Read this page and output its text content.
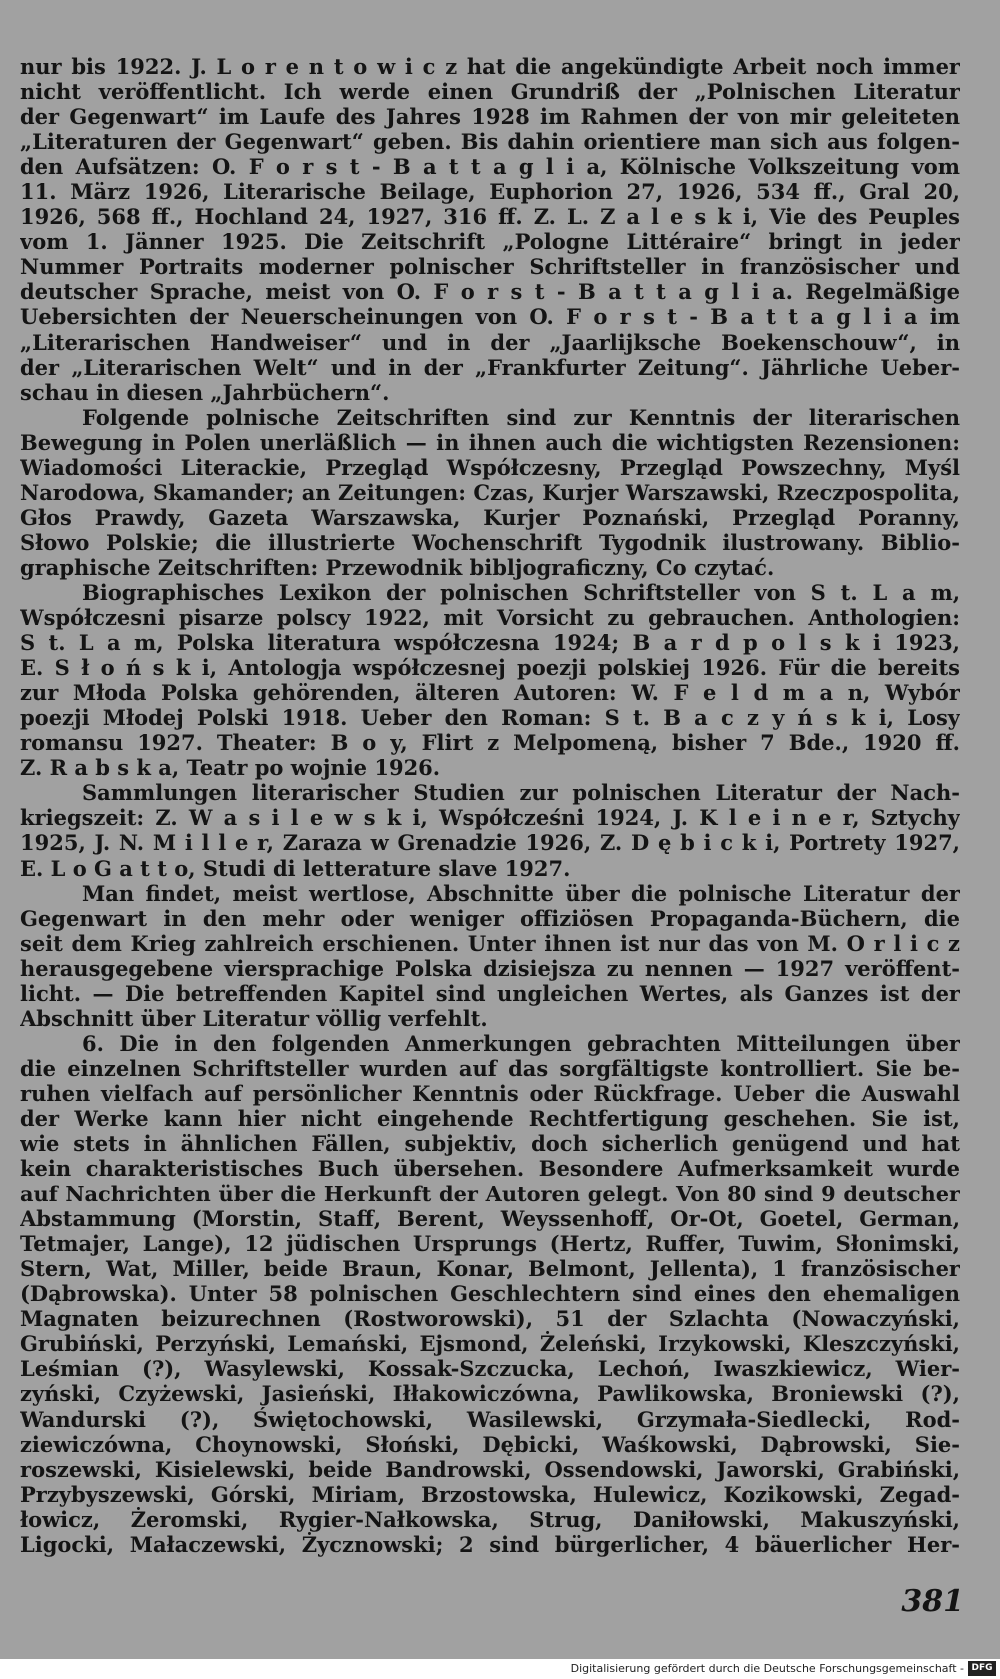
nur bis 1922. J. L o r e n t o w i c z hat die angekündigte Arbeit noch immer
nicht veröffentlicht. Ich werde einen Grundriß der „Polnischen Literatur
der Gegenwart“ im Laufe des Jahres 1928 im Rahmen der von mir geleiteten
„Literaturen der Gegenwart“ geben. Bis dahin orientiere man sich aus folgen-
den Aufsätzen: O. F o r s t - B a t t a g l i a, Kölnische Volkszeitung vom
11. März 1926, Literarische Beilage, Euphorion 27, 1926, 534 ff., Gral 20,
1926, 568 ff., Hochland 24, 1927, 316 ff. Z. L. Z a l e s k i, Vie des Peuples
vom 1. Jänner 1925. Die Zeitschrift „Pologne Littéraire“ bringt in jeder
Nummer Portraits moderner polnischer Schriftsteller in französischer und
deutscher Sprache, meist von O. F o r s t - B a t t a g l i a. Regelmäßige
Uebersichten der Neuerscheinungen von O. F o r s t - B a t t a g l i a im
„Literarischen Handweiser“ und in der „Jaarlijksche Boekenschouw“, in
der „Literarischen Welt“ und in der „Frankfurter Zeitung“. Jährliche Ueber-
schau in diesen „Jahrbüchern“.
Folgende polnische Zeitschriften sind zur Kenntnis der literarischen
Bewegung in Polen unerläßlich — in ihnen auch die wichtigsten Rezensionen:
Wiadomości Literackie, Przegląd Współczesny, Przegląd Powszechny, Myśl
Narodowa, Skamander; an Zeitungen: Czas, Kurjer Warszawski, Rzeczpospolita,
Głos Prawdy, Gazeta Warszawska, Kurjer Poznański, Przegląd Poranny,
Słowo Polskie; die illustrierte Wochenschrift Tygodnik ilustrowany. Biblio-
graphische Zeitschriften: Przewodnik bibljograficzny, Co czytać.
Biographisches Lexikon der polnischen Schriftsteller von S t. L a m,
Współczesni pisarze polscy 1922, mit Vorsicht zu gebrauchen. Anthologien:
S t. L a m, Polska literatura współczesna 1924; B a r d p o l s k i 1923,
E. S ł o ń s k i, Antologja współczesnej poezji polskiej 1926. Für die bereits
zur Młoda Polska gehörenden, älteren Autoren: W. F e l d m a n, Wybór
poezji Młodej Polski 1918. Ueber den Roman: S t. B a c z y ń s k i, Losy
romansu 1927. Theater: B o y, Flirt z Melpomeną, bisher 7 Bde., 1920 ff.
Z. R a b s k a, Teatr po wojnie 1926.
Sammlungen literarischer Studien zur polnischen Literatur der Nach-
kriegszeit: Z. W a s i l e w s k i, Współcześni 1924, J. K l e i n e r, Sztychy
1925, J. N. M i l l e r, Zaraza w Grenadzie 1926, Z. D ę b i c k i, Portrety 1927,
E. L o G a t t o, Studi di letterature slave 1927.
Man findet, meist wertlose, Abschnitte über die polnische Literatur der
Gegenwart in den mehr oder weniger offiziösen Propaganda-Büchern, die
seit dem Krieg zahlreich erschienen. Unter ihnen ist nur das von M. O r l i c z
herausgegebene viersprachige Polska dzisiejsza zu nennen — 1927 veröffent-
licht. — Die betreffenden Kapitel sind ungleichen Wertes, als Ganzes ist der
Abschnitt über Literatur völlig verfehlt.
6. Die in den folgenden Anmerkungen gebrachten Mitteilungen über
die einzelnen Schriftsteller wurden auf das sorgfältigste kontrolliert. Sie be-
ruhen vielfach auf persönlicher Kenntnis oder Rückfrage. Ueber die Auswahl
der Werke kann hier nicht eingehende Rechtfertigung geschehen. Sie ist,
wie stets in ähnlichen Fällen, subjektiv, doch sicherlich genügend und hat
kein charakteristisches Buch übersehen. Besondere Aufmerksamkeit wurde
auf Nachrichten über die Herkunft der Autoren gelegt. Von 80 sind 9 deutscher
Abstammung (Morstin, Staff, Berent, Weyssenhoff, Or-Ot, Goetel, German,
Tetmajer, Lange), 12 jüdischen Ursprungs (Hertz, Ruffer, Tuwim, Słonimski,
Stern, Wat, Miller, beide Braun, Konar, Belmont, Jellenta), 1 französischer
(Dąbrowska). Unter 58 polnischen Geschlechtern sind eines den ehemaligen
Magnaten beizurechnen (Rostworowski), 51 der Szlachta (Nowaczyński,
Grubiński, Perzyński, Lemański, Ejsmond, Żeleński, Irzykowski, Kleszczyński,
Leśmian (?), Wasylewski, Kossak-Szczucka, Lechoń, Iwaszkiewicz, Wier-
zyński, Czyżewski, Jasieński, Iłłakowiczówna, Pawlikowska, Broniewski (?),
Wandurski (?), Świętochowski, Wasilewski, Grzymała-Siedlecki, Rod-
ziewiczówna, Choynowski, Słoński, Dębicki, Waśkowski, Dąbrowski, Sie-
roszewski, Kisielewski, beide Bandrowski, Ossendowski, Jaworski, Grabiński,
Przybyszewski, Górski, Miriam, Brzostowska, Hulewicz, Kozikowski, Zegad-
łowicz, Żeromski, Rygier-Nałkowska, Strug, Daniłowski, Makuszyński,
Ligocki, Małaczewski, Życznowski; 2 sind bürgerlicher, 4 bäuerlicher Her-
381
Digitalisierung gefördert durch die Deutsche Forschungsgemeinschaft - DFG
